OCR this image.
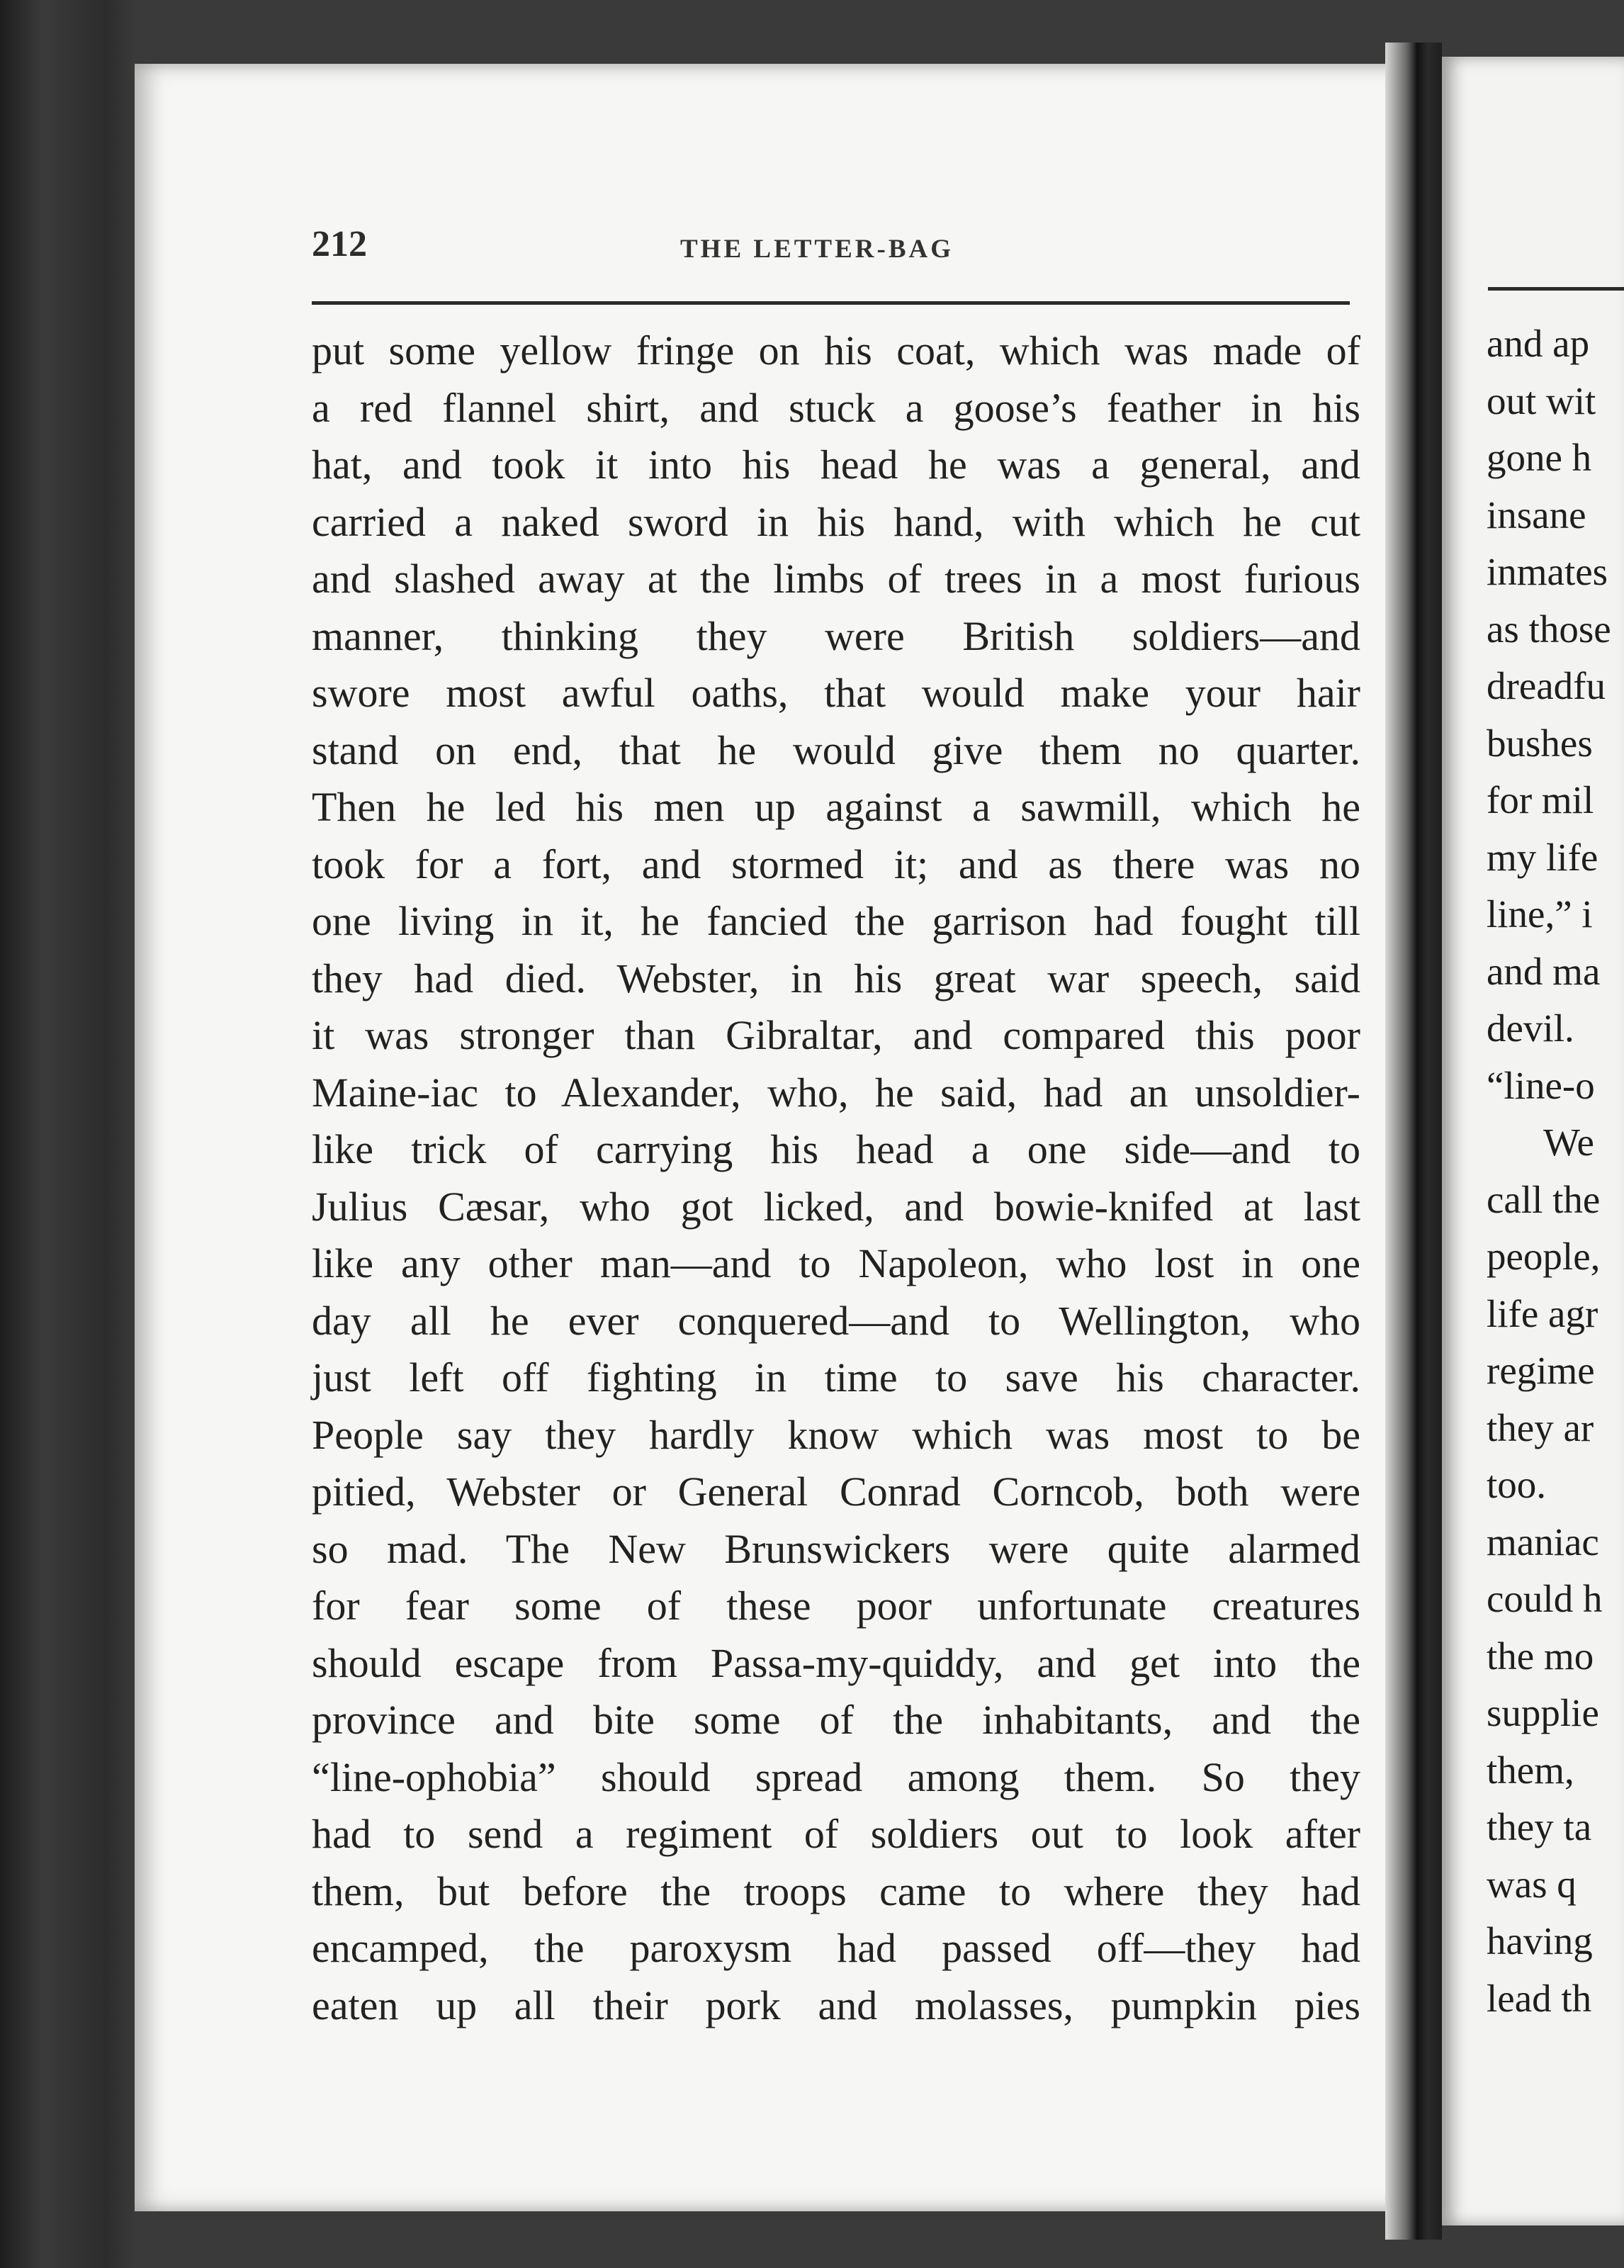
212	THE LETTER-BAG
put some yellow fringe on his coat, which was made of
a red flannel shirt, and stuck a goose’s feather in his
hat, and took it into his head he was a general, and
carried a naked sword in his hand, with which he cut
and slashed away at the limbs of trees in a most furious
manner, thinking they were British soldiers—and
swore most awful oaths, that would make your hair
stand on end, that he would give them no quarter.
Then he led his men up against a sawmill, which he
took for a fort, and stormed it; and as there was no
one living in it, he fancied the garrison had fought till
they had died. Webster, in his great war speech, said
it was stronger than Gibraltar, and compared this poor
Maine-iac to Alexander, who, he said, had an unsoldier-
like trick of carrying his head a one side—and to
Julius Cæsar, who got licked, and bowie-knifed at last
like any other man—and to Napoleon, who lost in one
day all he ever conquered—and to Wellington, who
just left off fighting in time to save his character.
People say they hardly know which was most to be
pitied, Webster or General Conrad Corncob, both were
so mad. The New Brunswickers were quite alarmed
for fear some of these poor unfortunate creatures
should escape from Passa-my-quiddy, and get into the
province and bite some of the inhabitants, and the
“line-ophobia” should spread among them. So they
had to send a regiment of soldiers out to look after
them, but before the troops came to where they had
encamped, the paroxysm had passed off—they had
eaten up all their pork and molasses, pumpkin pies
and ap
out wit
gone h
insane
inmates
as those
dreadfu
bushes
for mil
my life
line,” i
and ma
devil.
“line-o
We
call the
people,
life agr
regime
they ar
too.
maniac
could h
the mo
supplie
them,
they ta
was q
having
lead th
